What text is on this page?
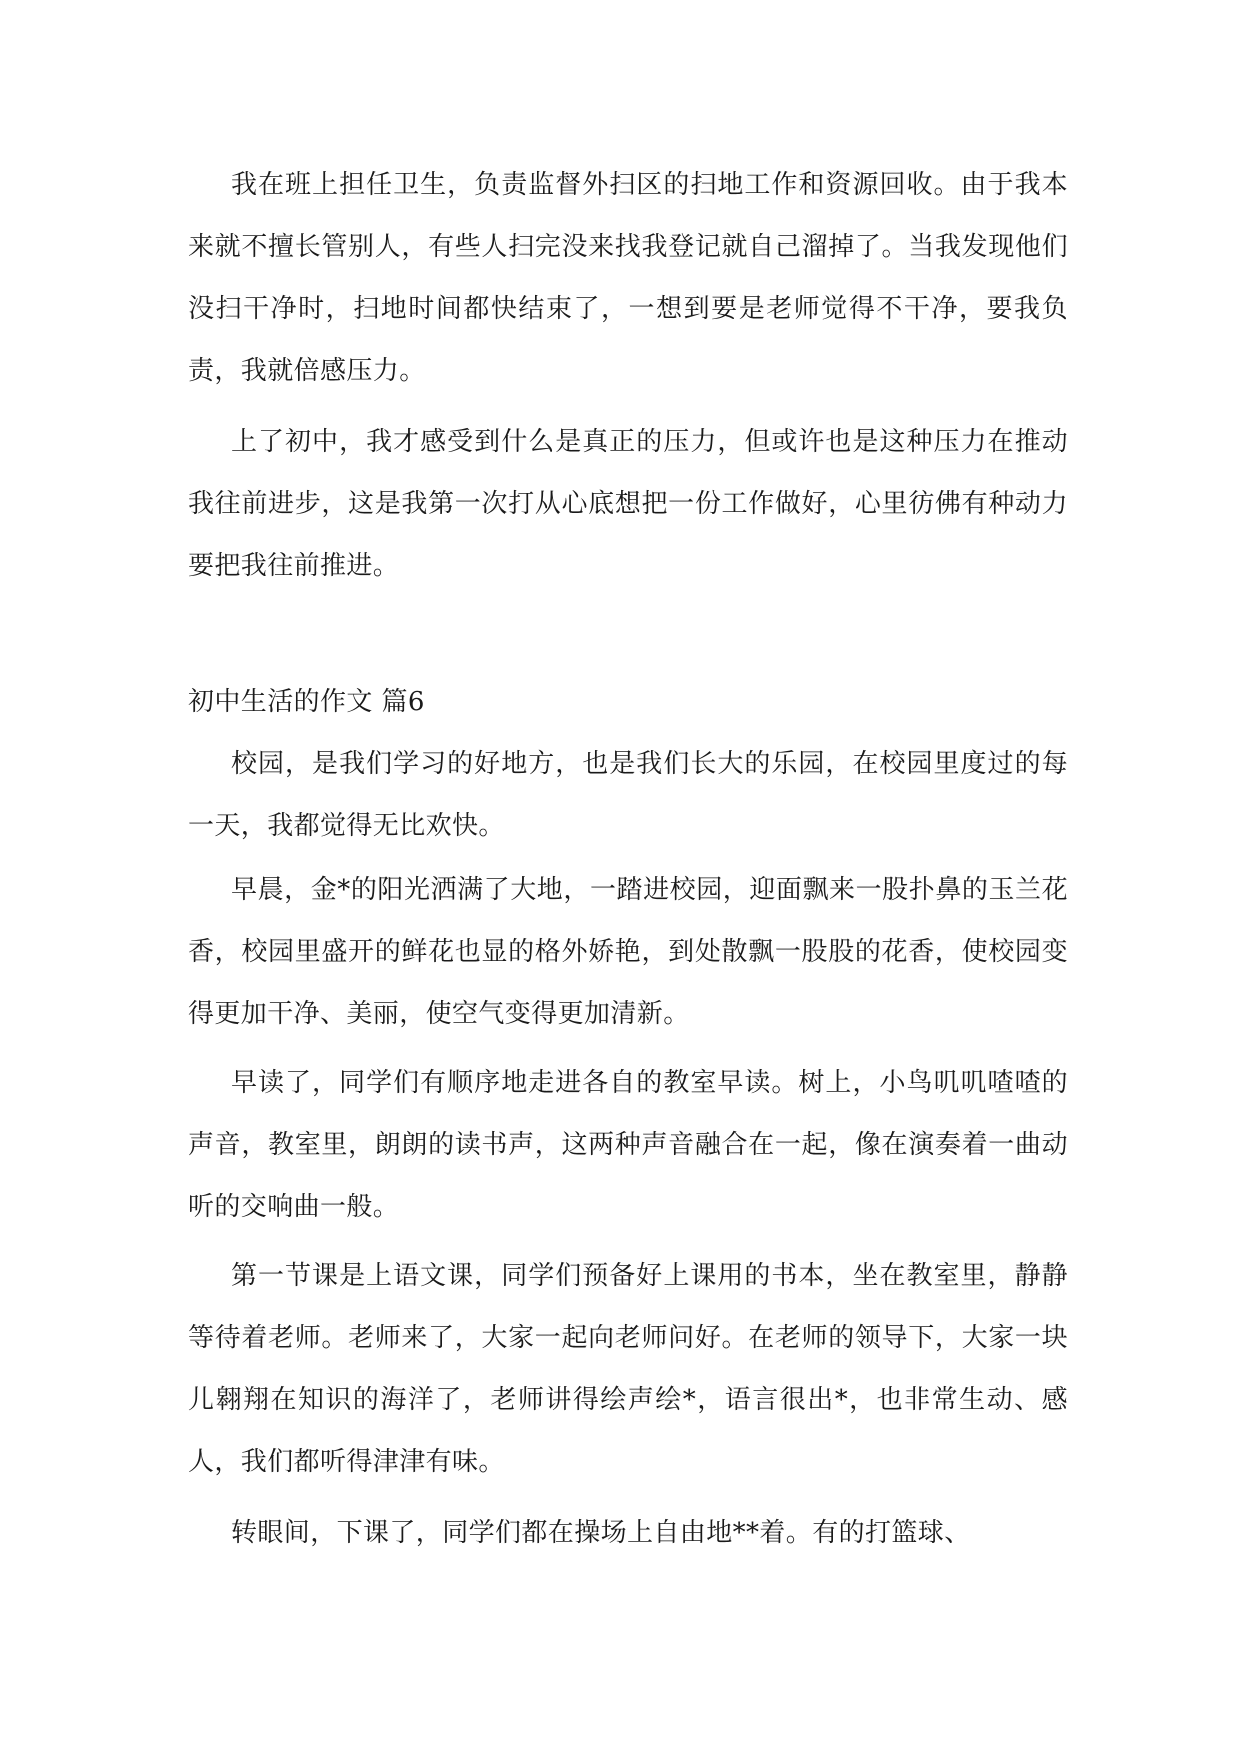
我在班上担任卫生，负责监督外扫区的扫地工作和资源回收。由于我本来就不擅长管别人，有些人扫完没来找我登记就自己溜掉了。当我发现他们没扫干净时，扫地时间都快结束了，一想到要是老师觉得不干净，要我负责，我就倍感压力。

上了初中，我才感受到什么是真正的压力，但或许也是这种压力在推动我往前进步，这是我第一次打从心底想把一份工作做好，心里彷佛有种动力要把我往前推进。

初中生活的作文 篇6

校园，是我们学习的好地方，也是我们长大的乐园，在校园里度过的每一天，我都觉得无比欢快。

早晨，金*的阳光洒满了大地，一踏进校园，迎面飘来一股扑鼻的玉兰花香，校园里盛开的鲜花也显的格外娇艳，到处散飘一股股的花香，使校园变得更加干净、美丽，使空气变得更加清新。

早读了，同学们有顺序地走进各自的教室早读。树上，小鸟叽叽喳喳的声音，教室里，朗朗的读书声，这两种声音融合在一起，像在演奏着一曲动听的交响曲一般。

第一节课是上语文课，同学们预备好上课用的书本，坐在教室里，静静等待着老师。老师来了，大家一起向老师问好。在老师的领导下，大家一块儿翱翔在知识的海洋了，老师讲得绘声绘*，语言很出*，也非常生动、感人，我们都听得津津有味。

转眼间，下课了，同学们都在操场上自由地**着。有的打篮球、
